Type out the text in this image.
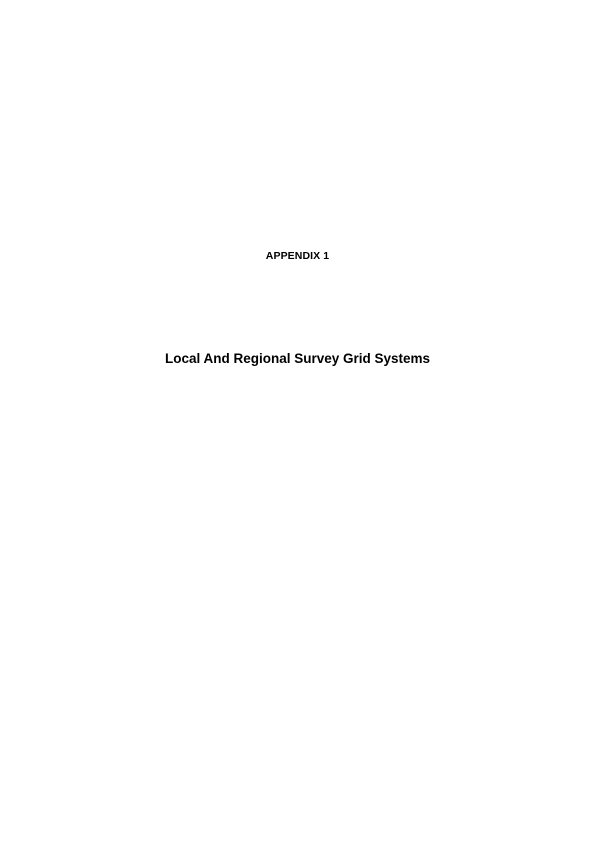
APPENDIX 1
Local And Regional Survey Grid Systems
